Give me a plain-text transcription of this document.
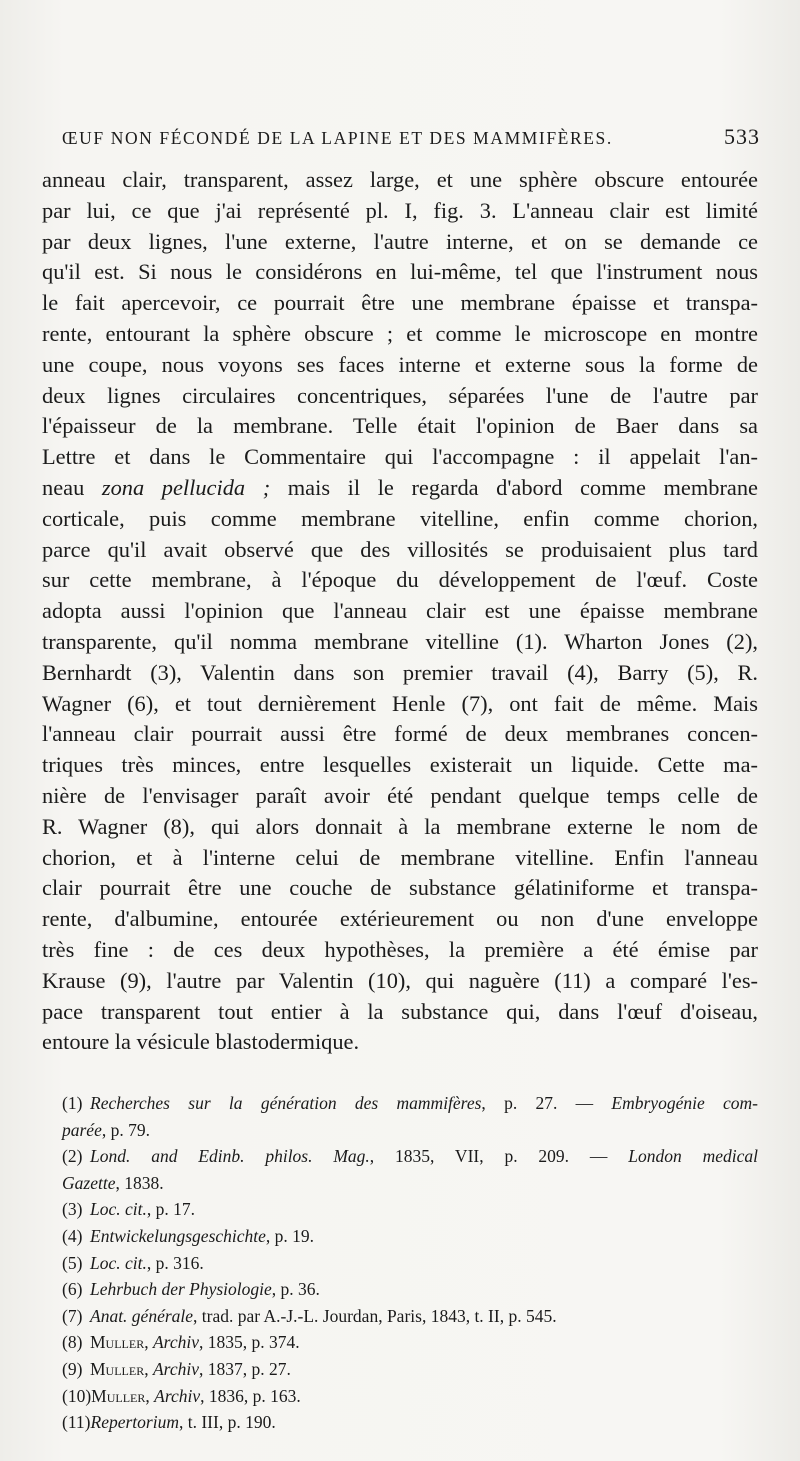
ŒUF NON FÉCONDÉ DE LA LAPINE ET DES MAMMIFÈRES.	533
anneau clair, transparent, assez large, et une sphère obscure entourée
par lui, ce que j'ai représenté pl. I, fig. 3. L'anneau clair est limité
par deux lignes, l'une externe, l'autre interne, et on se demande ce
qu'il est. Si nous le considérons en lui-même, tel que l'instrument nous
le fait apercevoir, ce pourrait être une membrane épaisse et transpa-
rente, entourant la sphère obscure ; et comme le microscope en montre
une coupe, nous voyons ses faces interne et externe sous la forme de
deux lignes circulaires concentriques, séparées l'une de l'autre par
l'épaisseur de la membrane. Telle était l'opinion de Baer dans sa
Lettre et dans le Commentaire qui l'accompagne : il appelait l'an-
neau zona pellucida ; mais il le regarda d'abord comme membrane
corticale, puis comme membrane vitelline, enfin comme chorion,
parce qu'il avait observé que des villosités se produisaient plus tard
sur cette membrane, à l'époque du développement de l'œuf. Coste
adopta aussi l'opinion que l'anneau clair est une épaisse membrane
transparente, qu'il nomma membrane vitelline (1). Wharton Jones (2),
Bernhardt (3), Valentin dans son premier travail (4), Barry (5), R.
Wagner (6), et tout dernièrement Henle (7), ont fait de même. Mais
l'anneau clair pourrait aussi être formé de deux membranes concen-
triques très minces, entre lesquelles existerait un liquide. Cette ma-
nière de l'envisager paraît avoir été pendant quelque temps celle de
R. Wagner (8), qui alors donnait à la membrane externe le nom de
chorion, et à l'interne celui de membrane vitelline. Enfin l'anneau
clair pourrait être une couche de substance gélatiniforme et transpa-
rente, d'albumine, entourée extérieurement ou non d'une enveloppe
très fine : de ces deux hypothèses, la première a été émise par
Krause (9), l'autre par Valentin (10), qui naguère (11) a comparé l'es-
pace transparent tout entier à la substance qui, dans l'œuf d'oiseau,
entoure la vésicule blastodermique.
(1) Recherches sur la génération des mammifères, p. 27. — Embryogénie com-
parée, p. 79.
(2) Lond. and Edinb. philos. Mag., 1835, VII, p. 209. — London medical
Gazette, 1838.
(3) Loc. cit., p. 17.
(4) Entwickelungsgeschichte, p. 19.
(5) Loc. cit., p. 316.
(6) Lehrbuch der Physiologie, p. 36.
(7) Anat. générale, trad. par A.-J.-L. Jourdan, Paris, 1843, t. II, p. 545.
(8) Muller, Archiv, 1835, p. 374.
(9) Muller, Archiv, 1837, p. 27.
(10)Muller, Archiv, 1836, p. 163.
(11)Repertorium, t. III, p. 190.
